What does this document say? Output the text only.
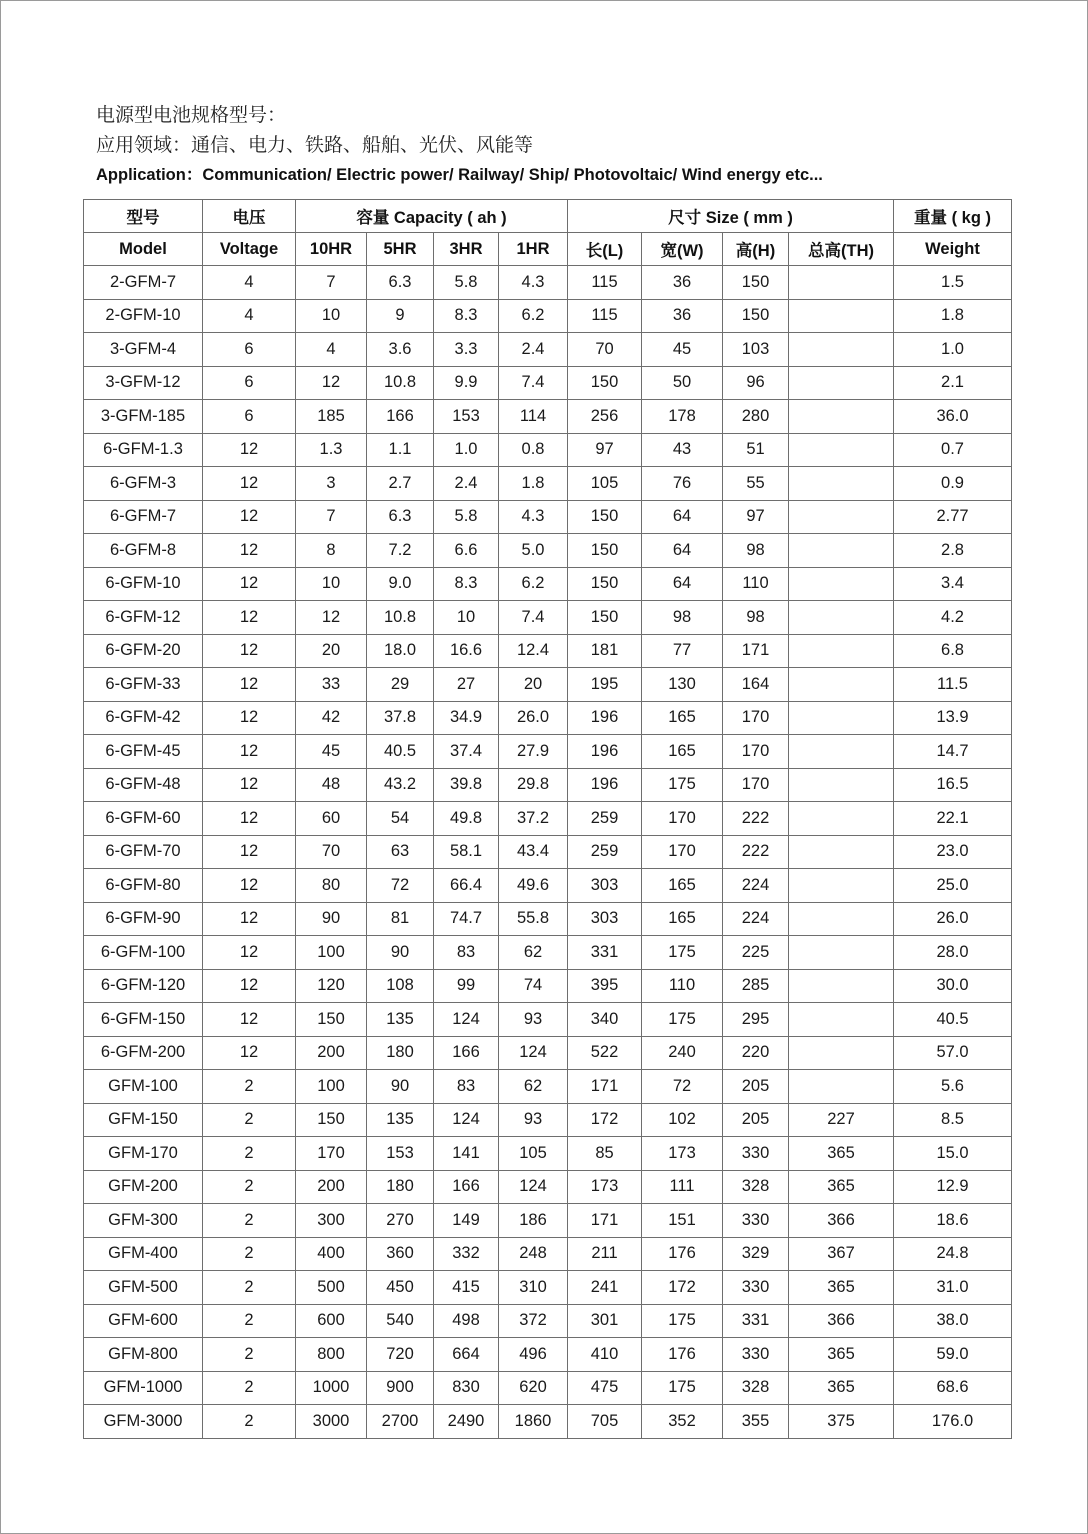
电源型电池规格型号：
应用领域：通信、电力、铁路、船舶、光伏、风能等
Application：Communication/ Electric power/ Railway/ Ship/ Photovoltaic/ Wind energy etc...
型号	电压	容量 Capacity ( ah )				尺寸 Size ( mm )				重量 ( kg )
Model	Voltage	10HR	5HR	3HR	1HR	长(L)	宽(W)	高(H)	总高(TH)	Weight
2-GFM-7	4	7	6.3	5.8	4.3	115	36	150		1.5
2-GFM-10	4	10	9	8.3	6.2	115	36	150		1.8
3-GFM-4	6	4	3.6	3.3	2.4	70	45	103		1.0
3-GFM-12	6	12	10.8	9.9	7.4	150	50	96		2.1
3-GFM-185	6	185	166	153	114	256	178	280		36.0
6-GFM-1.3	12	1.3	1.1	1.0	0.8	97	43	51		0.7
6-GFM-3	12	3	2.7	2.4	1.8	105	76	55		0.9
6-GFM-7	12	7	6.3	5.8	4.3	150	64	97		2.77
6-GFM-8	12	8	7.2	6.6	5.0	150	64	98		2.8
6-GFM-10	12	10	9.0	8.3	6.2	150	64	110		3.4
6-GFM-12	12	12	10.8	10	7.4	150	98	98		4.2
6-GFM-20	12	20	18.0	16.6	12.4	181	77	171		6.8
6-GFM-33	12	33	29	27	20	195	130	164		11.5
6-GFM-42	12	42	37.8	34.9	26.0	196	165	170		13.9
6-GFM-45	12	45	40.5	37.4	27.9	196	165	170		14.7
6-GFM-48	12	48	43.2	39.8	29.8	196	175	170		16.5
6-GFM-60	12	60	54	49.8	37.2	259	170	222		22.1
6-GFM-70	12	70	63	58.1	43.4	259	170	222		23.0
6-GFM-80	12	80	72	66.4	49.6	303	165	224		25.0
6-GFM-90	12	90	81	74.7	55.8	303	165	224		26.0
6-GFM-100	12	100	90	83	62	331	175	225		28.0
6-GFM-120	12	120	108	99	74	395	110	285		30.0
6-GFM-150	12	150	135	124	93	340	175	295		40.5
6-GFM-200	12	200	180	166	124	522	240	220		57.0
GFM-100	2	100	90	83	62	171	72	205		5.6
GFM-150	2	150	135	124	93	172	102	205	227	8.5
GFM-170	2	170	153	141	105	85	173	330	365	15.0
GFM-200	2	200	180	166	124	173	111	328	365	12.9
GFM-300	2	300	270	149	186	171	151	330	366	18.6
GFM-400	2	400	360	332	248	211	176	329	367	24.8
GFM-500	2	500	450	415	310	241	172	330	365	31.0
GFM-600	2	600	540	498	372	301	175	331	366	38.0
GFM-800	2	800	720	664	496	410	176	330	365	59.0
GFM-1000	2	1000	900	830	620	475	175	328	365	68.6
GFM-3000	2	3000	2700	2490	1860	705	352	355	375	176.0
